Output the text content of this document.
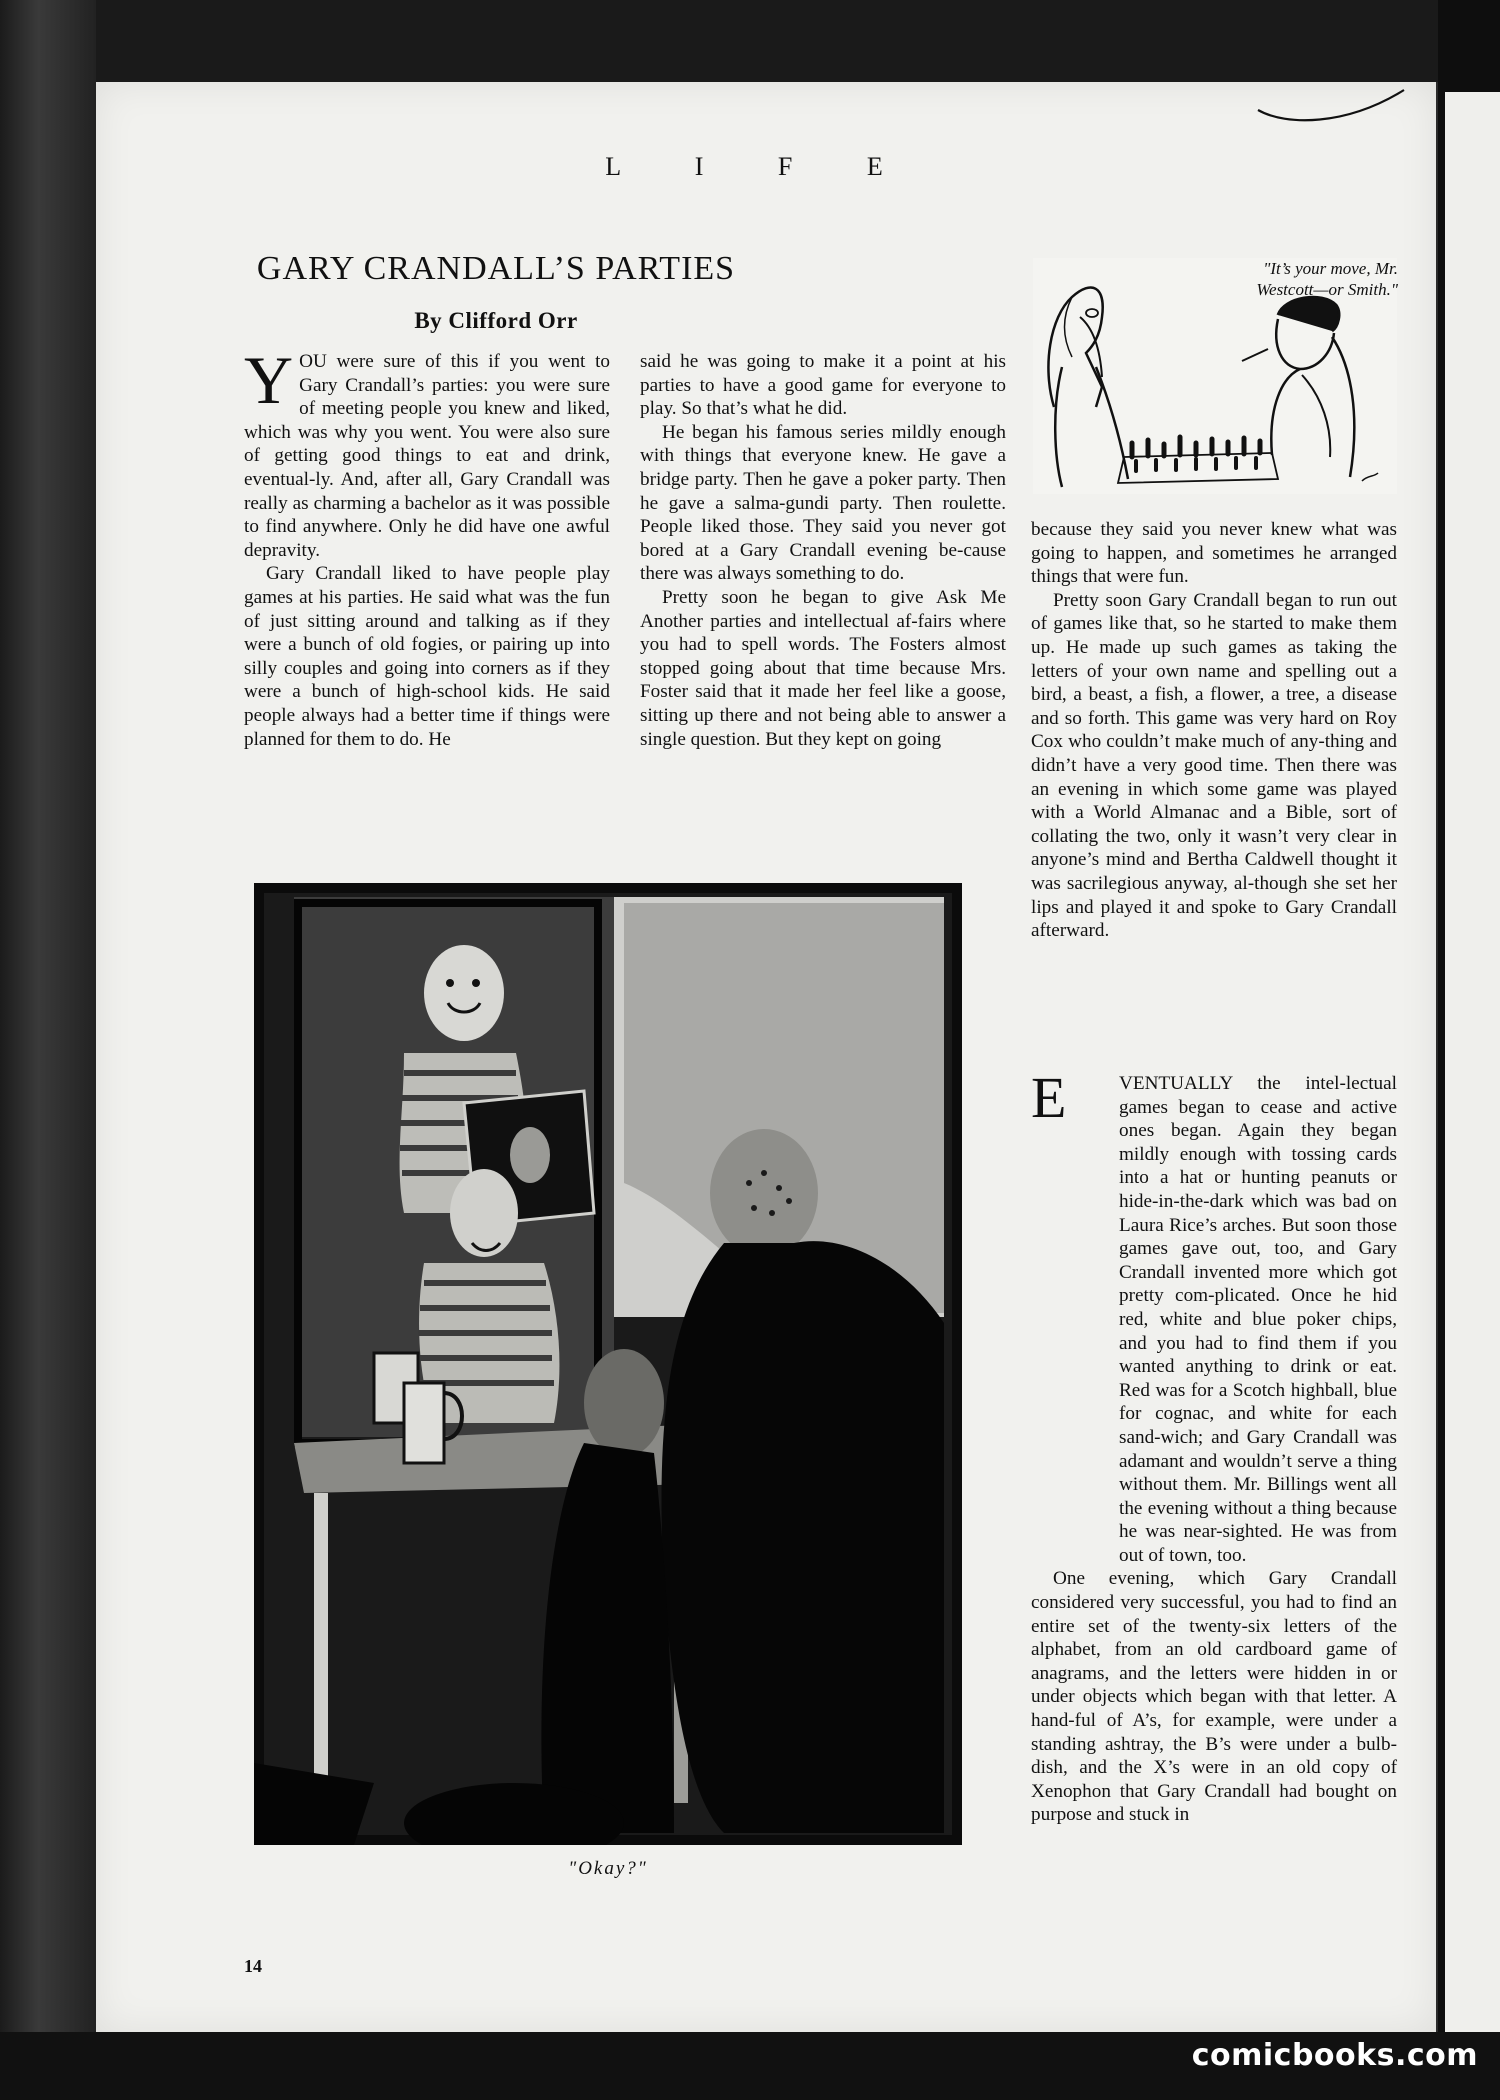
L I F E
GARY CRANDALL’S PARTIES
By Clifford Orr

YOU were sure of this if you went to Gary Crandall’s parties: you were sure of meeting people you knew and liked, which was why you went. You were also sure of getting good things to eat and drink, eventual-ly. And, after all, Gary Crandall was really as charming a bachelor as it was possible to find anywhere. Only he did have one awful depravity.

Gary Crandall liked to have people play games at his parties. He said what was the fun of just sitting around and talking as if they were a bunch of old fogies, or pairing up into silly couples and going into corners as if they were a bunch of high-school kids. He said people always had a better time if things were planned for them to do. He

said he was going to make it a point at his parties to have a good game for everyone to play. So that’s what he did.

He began his famous series mildly enough with things that everyone knew. He gave a bridge party. Then he gave a poker party. Then he gave a salma-gundi party. Then roulette. People liked those. They said you never got bored at a Gary Crandall evening be-cause there was always something to do.

Pretty soon he began to give Ask Me Another parties and intellectual af-fairs where you had to spell words. The Fosters almost stopped going about that time because Mrs. Foster said that it made her feel like a goose, sitting up there and not being able to answer a single question. But they kept on going

"It’s your move, Mr. Westcott—or Smith."

because they said you never knew what was going to happen, and sometimes he arranged things that were fun.

Pretty soon Gary Crandall began to run out of games like that, so he started to make them up. He made up such games as taking the letters of your own name and spelling out a bird, a beast, a fish, a flower, a tree, a disease and so forth. This game was very hard on Roy Cox who couldn’t make much of any-thing and didn’t have a very good time. Then there was an evening in which some game was played with a World Almanac and a Bible, sort of collating the two, only it wasn’t very clear in anyone’s mind and Bertha Caldwell thought it was sacrilegious anyway, al-though she set her lips and played it and spoke to Gary Crandall afterward.

E	VENTUALLY the intel-lectual games began to cease and active ones began. Again they began mildly enough with tossing cards into a hat or hunting peanuts or hide-in-the-dark which was bad on Laura Rice’s arches. But soon those games gave out, too, and Gary Crandall invented more which got pretty com-plicated. Once he hid red, white and blue poker chips, and you had to find them if you wanted anything to drink or eat. Red was for a Scotch highball, blue for cognac, and white for each sand-wich; and Gary Crandall was adamant and wouldn’t serve a thing without them. Mr. Billings went all the evening without a thing because he was near-sighted. He was from out of town, too.

One evening, which Gary Crandall considered very successful, you had to find an entire set of the twenty-six letters of the alphabet, from an old cardboard game of anagrams, and the letters were hidden in or under objects which began with that letter. A hand-ful of A’s, for example, were under a standing ashtray, the B’s were under a bulb-dish, and the X’s were in an old copy of Xenophon that Gary Crandall had bought on purpose and stuck in

"Okay?"
14
comicbooks.com
